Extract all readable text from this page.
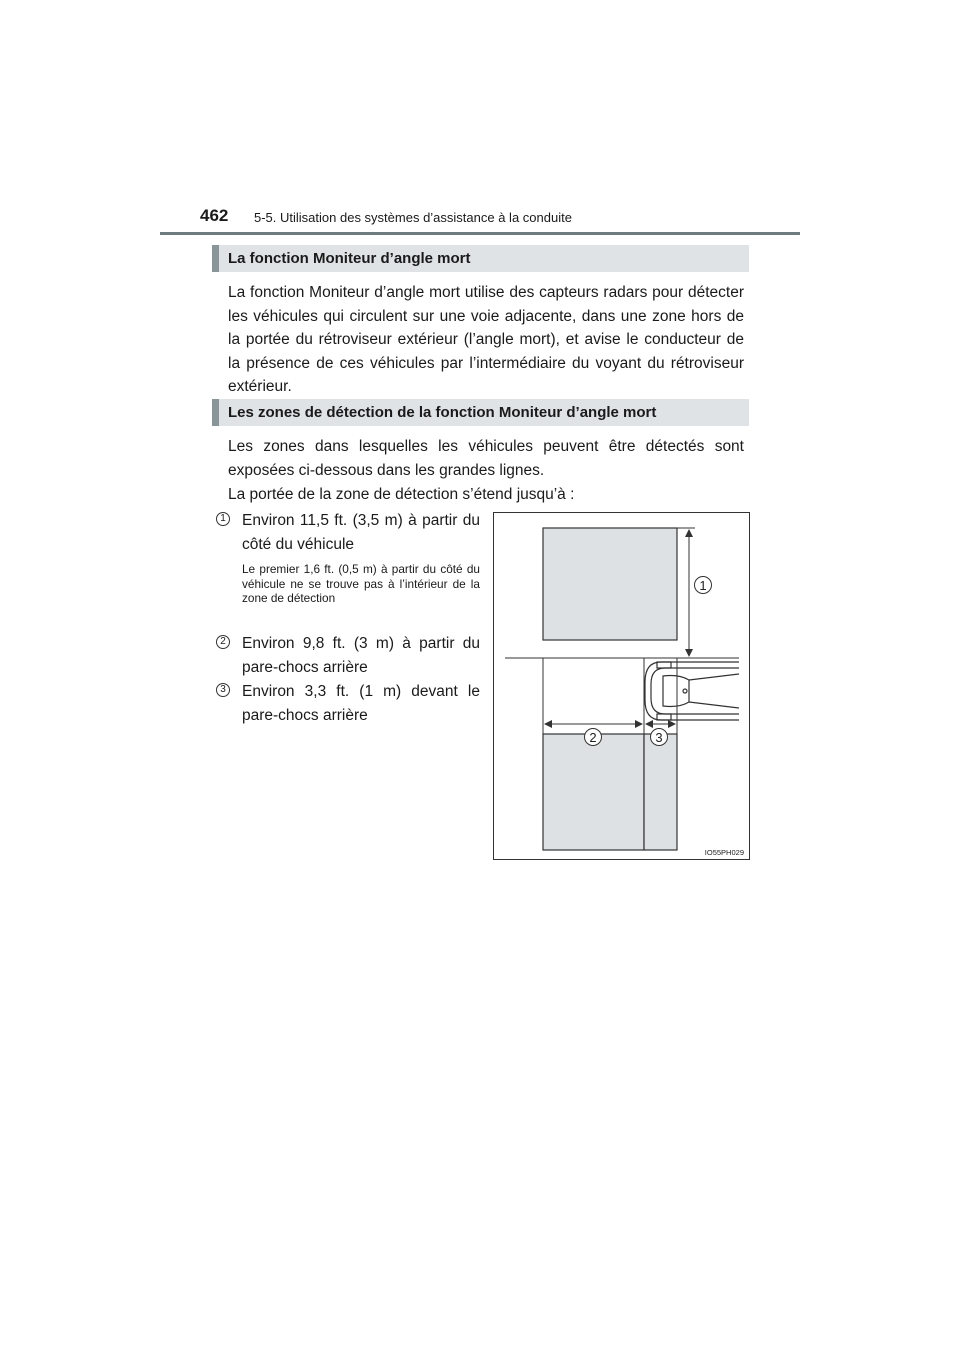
462 5-5. Utilisation des systèmes d’assistance à la conduite
La fonction Moniteur d’angle mort

La fonction Moniteur d’angle mort utilise des capteurs radars pour détecter les véhicules qui circulent sur une voie adjacente, dans une zone hors de la portée du rétroviseur extérieur (l’angle mort), et avise le conducteur de la présence de ces véhicules par l’intermédiaire du voyant du rétroviseur extérieur.

Les zones de détection de la fonction Moniteur d’angle mort

Les zones dans lesquelles les véhicules peuvent être détectés sont exposées ci-dessous dans les grandes lignes.

La portée de la zone de détection s’étend jusqu’à :

1 Environ 11,5 ft. (3,5 m) à partir du côté du véhicule

Le premier 1,6 ft. (0,5 m) à partir du côté du véhicule ne se trouve pas à l’intérieur de la zone de détection

2 Environ 9,8 ft. (3 m) à partir du pare-chocs arrière

3 Environ 3,3 ft. (1 m) devant le pare-chocs arrière

1
2	3
IO55PH029
